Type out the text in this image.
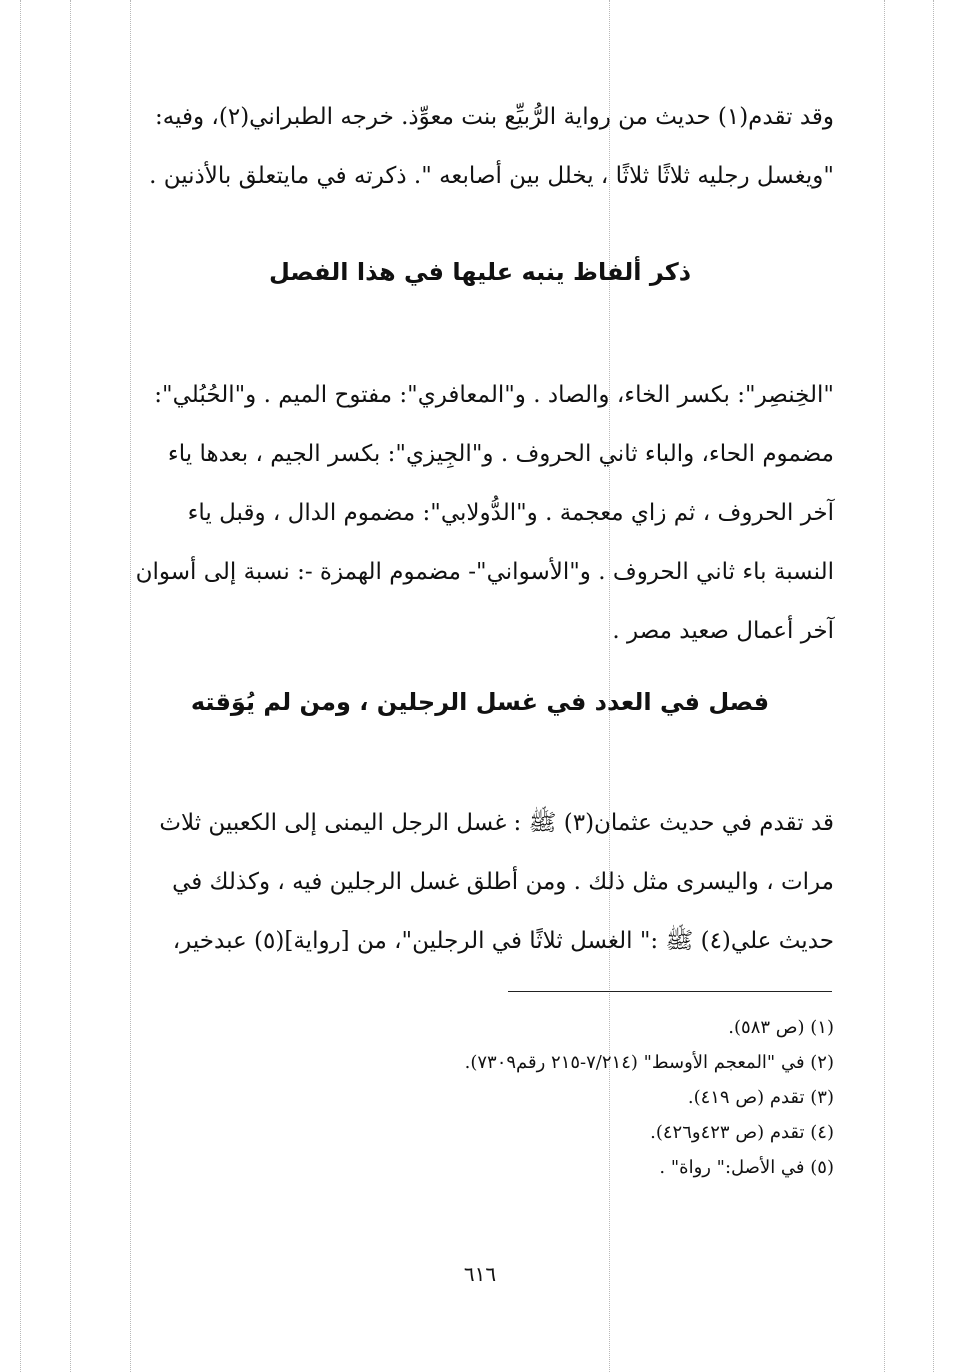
وقد تقدم(١) حديث من رواية الرُّبيِّع بنت معوِّذ. خرجه الطبراني(٢)، وفيه:

"ويغسل رجليه ثلاثًا ثلاثًا ، يخلل بين أصابعه ". ذكرته في مايتعلق بالأذنين .

ذكر ألفاظ ينبه عليها في هذا الفصل

"الخِنصِر": بكسر الخاء، والصاد . و"المعافري": مفتوح الميم . و"الحُبُلي":

مضموم الحاء، والباء ثاني الحروف . و"الجِيزي": بكسر الجيم ، بعدها ياء

آخر الحروف ، ثم زاي معجمة . و"الدُّولابي": مضموم الدال ، وقبل ياء

النسبة باء ثاني الحروف . و"الأسواني"- مضموم الهمزة -: نسبة إلى أسوان

آخر أعمال صعيد مصر .

فصل في العدد في غسل الرجلين ، ومن لم يُوَقته

قد تقدم في حديث عثمان(٣) ﷺ : غسل الرجل اليمنى إلى الكعبين ثلاث

مرات ، واليسرى مثل ذلك . ومن أطلق غسل الرجلين فيه ، وكذلك في

حديث علي(٤) ﷺ :" الغسل ثلاثًا في الرجلين"، من [رواية](٥) عبدخير،

(١) (ص ٥٨٣).
(٢) في "المعجم الأوسط" (٧/٢١٤-٢١٥ رقم٧٣٠٩).
(٣) تقدم (ص ٤١٩).
(٤) تقدم (ص ٤٢٣و٤٢٦).
(٥) في الأصل:" رواة" .
٦١٦
